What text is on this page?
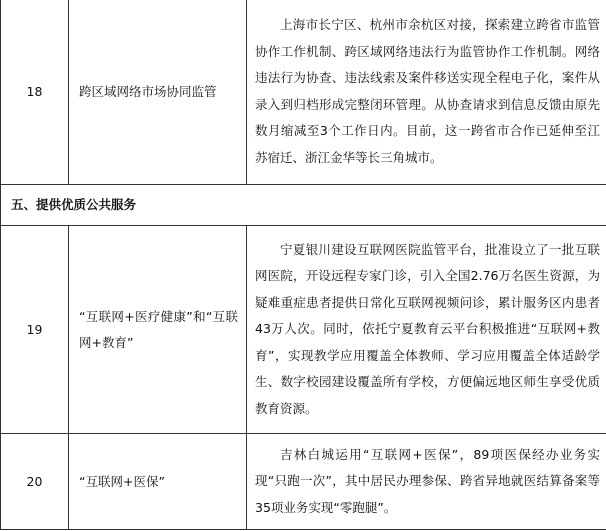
18	跨区域网络市场协同监管	上海市长宁区、杭州市余杭区对接，探索建立跨省市监管协作工作机制、跨区域网络违法行为监管协作工作机制。网络违法行为协查、违法线索及案件移送实现全程电子化，案件从录入到归档形成完整闭环管理。从协查请求到信息反馈由原先数月缩减至3个工作日内。目前，这一跨省市合作已延伸至江苏宿迁、浙江金华等长三角城市。

五、提供优质公共服务		
19	“互联网+医疗健康”和“互联网+教育”	宁夏银川建设互联网医院监管平台，批准设立了一批互联网医院，开设远程专家门诊，引入全国2.76万名医生资源，为疑难重症患者提供日常化互联网视频问诊，累计服务区内患者43万人次。同时，依托宁夏教育云平台积极推进“互联网+教育”，实现教学应用覆盖全体教师、学习应用覆盖全体适龄学生、数字校园建设覆盖所有学校，方便偏远地区师生享受优质教育资源。

20	“互联网+医保”	吉林白城运用“互联网+医保”，89项医保经办业务实现“只跑一次”，其中居民办理参保、跨省异地就医结算备案等35项业务实现“零跑腿”。
